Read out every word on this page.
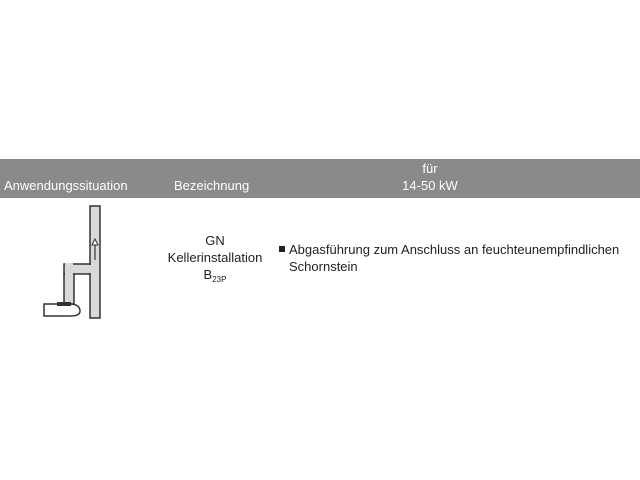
Anwendungssituation	Bezeichnung
für
14-50 kW
GN
Kellerinstallation
$B_{23P}$
Abgasführung zum Anschluss an feuchteunempfindlichen Schornstein
